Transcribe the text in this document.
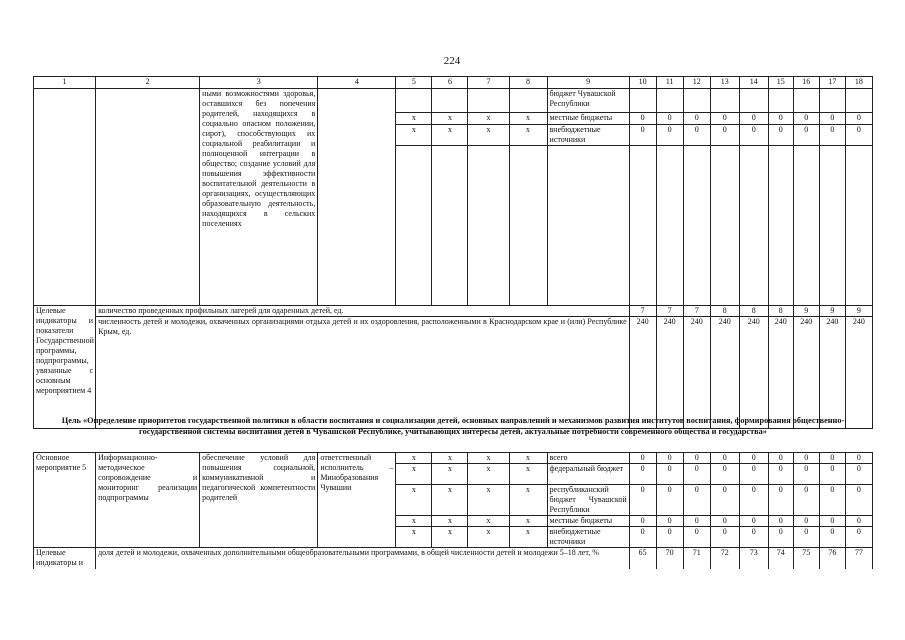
224
1	2	3	4	5	6	7	8	9	10	11	12	13	14	15	16	17	18
		ными возможностями здоровья, оставшихся без попечения родителей, находящихся в социально опасном положении, сирот), способствующих их социальной реабилитации и полноценной интеграции в общество; создание условий для повышения эффективности воспитательной деятельности в организациях, осуществляющих образовательную деятельность, находящихся в сельских поселениях						бюджет Чувашской Республики									
				x	x	x	x	местные бюджеты	0	0	0	0	0	0	0	0	0
				x	x	x	x	внебюджетные источники	0	0	0	0	0	0	0	0	0

Целевые индикаторы и показатели Государственной программы, подпрограммы, увязанные с основным мероприятием 4	количество проведенных профильных лагерей для одаренных детей, ед.								7	7	7	8	8	8	9	9	9
	численность детей и молодежи, охваченных организациями отдыха детей и их оздоровления, расположенными в Краснодарском крае и (или) Республике Крым, ед.								240	240	240	240	240	240	240	240	240
Цель «Определение приоритетов государственной политики в области воспитания и социализации детей, основных направлений и механизмов развития институтов воспитания, формирования общественно-государственной системы воспитания детей в Чувашской Республике, учитывающих интересы детей, актуальные потребности современного общества и государства»
Основное мероприятие 5	Информационно-методическое сопровождение и мониторинг реализации подпрограммы	обеспечение условий для повышения социальной, коммуникативной и педагогической компетентности родителей	ответственный исполнитель – Минобразования Чувашии	x	x	x	x	всего	0	0	0	0	0	0	0	0	0
				x	x	x	x	федеральный бюджет	0	0	0	0	0	0	0	0	0
				x	x	x	x	республиканский бюджет Чувашской Республики	0	0	0	0	0	0	0	0	0
				x	x	x	x	местные бюджеты	0	0	0	0	0	0	0	0	0
				x	x	x	x	внебюджетные источники	0	0	0	0	0	0	0	0	0
Целевые индикаторы и	доля детей и молодежи, охваченных дополнительными общеобразовательными программами, в общей численности детей и молодежи 5–18 лет, %								65	70	71	72	73	74	75	76	77
